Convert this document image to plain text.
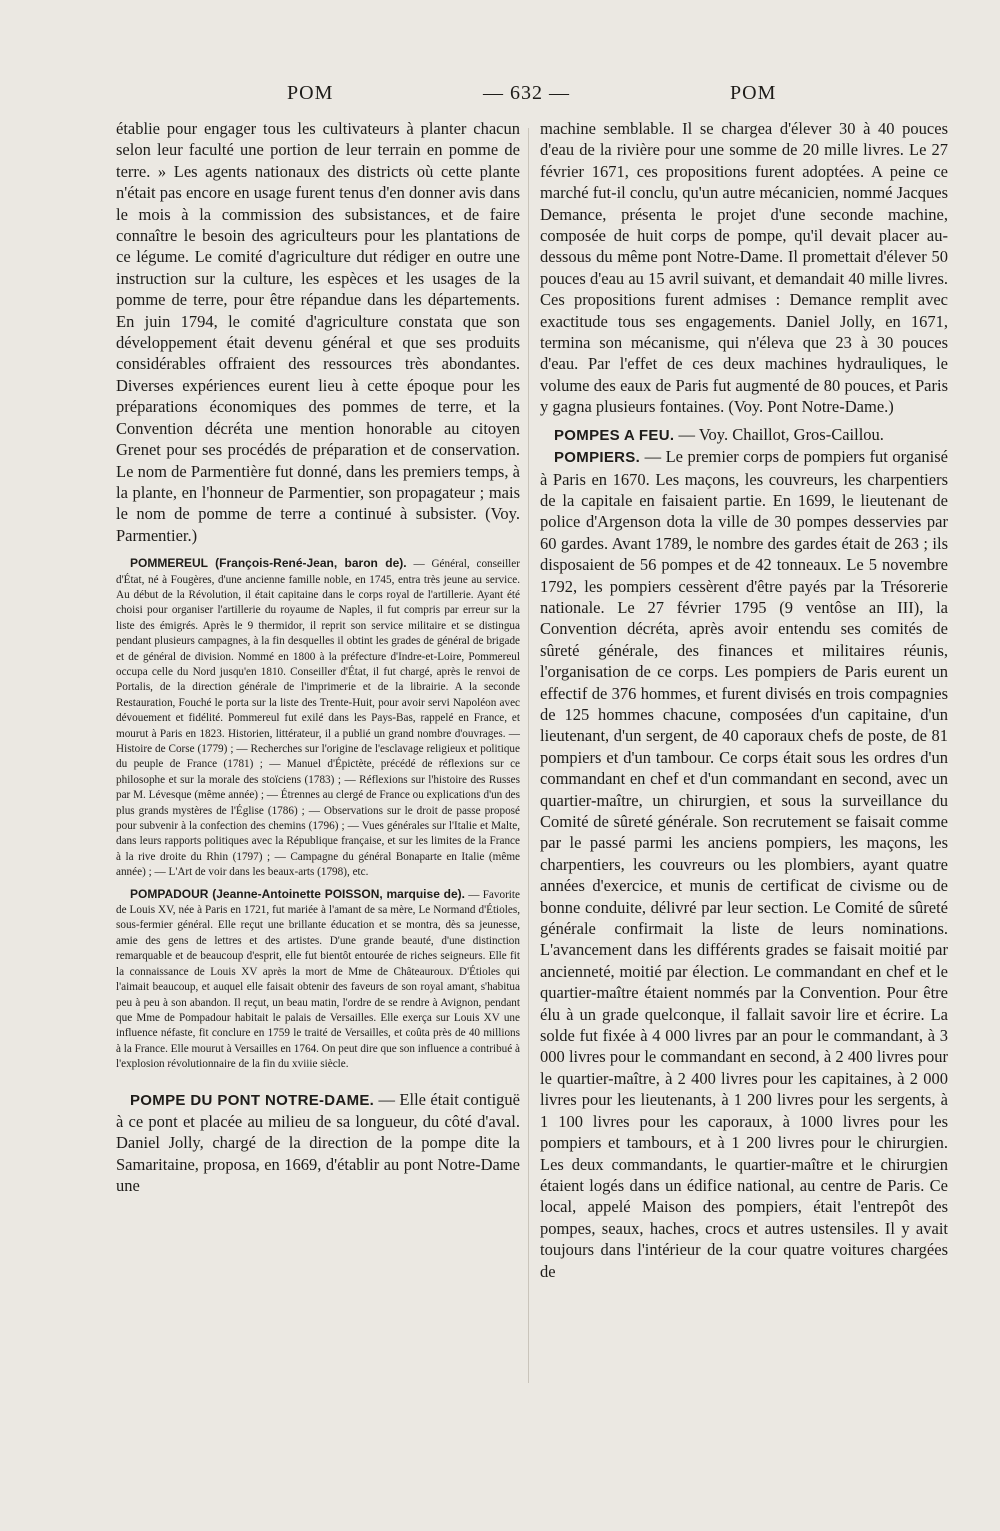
POM	— 632 —	POM

établie pour engager tous les cultivateurs à planter chacun selon leur faculté une portion de leur terrain en pomme de terre. » Les agents nationaux des districts où cette plante n'était pas encore en usage furent tenus d'en donner avis dans le mois à la commission des subsistances, et de faire connaître le besoin des agriculteurs pour les plantations de ce légume. Le comité d'agriculture dut rédiger en outre une instruction sur la culture, les espèces et les usages de la pomme de terre, pour être répandue dans les départements. En juin 1794, le comité d'agriculture constata que son développement était devenu général et que ses produits considérables offraient des ressources très abondantes. Diverses expériences eurent lieu à cette époque pour les préparations économiques des pommes de terre, et la Convention décréta une mention honorable au citoyen Grenet pour ses procédés de préparation et de conservation. Le nom de Parmentière fut donné, dans les premiers temps, à la plante, en l'honneur de Parmentier, son propagateur ; mais le nom de pomme de terre a continué à subsister. (Voy. Parmentier.)

POMMEREUL (François-René-Jean, baron de). — Général, conseiller d'État, né à Fougères, d'une ancienne famille noble, en 1745, entra très jeune au service. Au début de la Révolution, il était capitaine dans le corps royal de l'artillerie. Ayant été choisi pour organiser l'artillerie du royaume de Naples, il fut compris par erreur sur la liste des émigrés. Après le 9 thermidor, il reprit son service militaire et se distingua pendant plusieurs campagnes, à la fin desquelles il obtint les grades de général de brigade et de général de division. Nommé en 1800 à la préfecture d'Indre-et-Loire, Pommereul occupa celle du Nord jusqu'en 1810. Conseiller d'État, il fut chargé, après le renvoi de Portalis, de la direction générale de l'imprimerie et de la librairie. A la seconde Restauration, Fouché le porta sur la liste des Trente-Huit, pour avoir servi Napoléon avec dévouement et fidélité. Pommereul fut exilé dans les Pays-Bas, rappelé en France, et mourut à Paris en 1823. Historien, littérateur, il a publié un grand nombre d'ouvrages. — Histoire de Corse (1779) ; — Recherches sur l'origine de l'esclavage religieux et politique du peuple de France (1781) ; — Manuel d'Épictète, précédé de réflexions sur ce philosophe et sur la morale des stoïciens (1783) ; — Réflexions sur l'histoire des Russes par M. Lévesque (même année) ; — Étrennes au clergé de France ou explications d'un des plus grands mystères de l'Église (1786) ; — Observations sur le droit de passe proposé pour subvenir à la confection des chemins (1796) ; — Vues générales sur l'Italie et Malte, dans leurs rapports politiques avec la République française, et sur les limites de la France à la rive droite du Rhin (1797) ; — Campagne du général Bonaparte en Italie (même année) ; — L'Art de voir dans les beaux-arts (1798), etc.

POMPADOUR (Jeanne-Antoinette POISSON, marquise de). — Favorite de Louis XV, née à Paris en 1721, fut mariée à l'amant de sa mère, Le Normand d'Étioles, sous-fermier général. Elle reçut une brillante éducation et se montra, dès sa jeunesse, amie des gens de lettres et des artistes. D'une grande beauté, d'une distinction remarquable et de beaucoup d'esprit, elle fut bientôt entourée de riches seigneurs. Elle fit la connaissance de Louis XV après la mort de Mme de Châteauroux. D'Étioles qui l'aimait beaucoup, et auquel elle faisait obtenir des faveurs de son royal amant, s'habitua peu à peu à son abandon. Il reçut, un beau matin, l'ordre de se rendre à Avignon, pendant que Mme de Pompadour habitait le palais de Versailles. Elle exerça sur Louis XV une influence néfaste, fit conclure en 1759 le traité de Versailles, et coûta près de 40 millions à la France. Elle mourut à Versailles en 1764. On peut dire que son influence a contribué à l'explosion révolutionnaire de la fin du xviiie siècle.

POMPE DU PONT NOTRE-DAME. — Elle était contiguë à ce pont et placée au milieu de sa longueur, du côté d'aval. Daniel Jolly, chargé de la direction de la pompe dite la Samaritaine, proposa, en 1669, d'établir au pont Notre-Dame une

machine semblable. Il se chargea d'élever 30 à 40 pouces d'eau de la rivière pour une somme de 20 mille livres. Le 27 février 1671, ces propositions furent adoptées. A peine ce marché fut-il conclu, qu'un autre mécanicien, nommé Jacques Demance, présenta le projet d'une seconde machine, composée de huit corps de pompe, qu'il devait placer au-dessous du même pont Notre-Dame. Il promettait d'élever 50 pouces d'eau au 15 avril suivant, et demandait 40 mille livres. Ces propositions furent admises : Demance remplit avec exactitude tous ses engagements. Daniel Jolly, en 1671, termina son mécanisme, qui n'éleva que 23 à 30 pouces d'eau. Par l'effet de ces deux machines hydrauliques, le volume des eaux de Paris fut augmenté de 80 pouces, et Paris y gagna plusieurs fontaines. (Voy. Pont Notre-Dame.)

POMPES A FEU. — Voy. Chaillot, Gros-Caillou.

POMPIERS. — Le premier corps de pompiers fut organisé à Paris en 1670. Les maçons, les couvreurs, les charpentiers de la capitale en faisaient partie. En 1699, le lieutenant de police d'Argenson dota la ville de 30 pompes desservies par 60 gardes. Avant 1789, le nombre des gardes était de 263 ; ils disposaient de 56 pompes et de 42 tonneaux. Le 5 novembre 1792, les pompiers cessèrent d'être payés par la Trésorerie nationale. Le 27 février 1795 (9 ventôse an III), la Convention décréta, après avoir entendu ses comités de sûreté générale, des finances et militaires réunis, l'organisation de ce corps. Les pompiers de Paris eurent un effectif de 376 hommes, et furent divisés en trois compagnies de 125 hommes chacune, composées d'un capitaine, d'un lieutenant, d'un sergent, de 40 caporaux chefs de poste, de 81 pompiers et d'un tambour. Ce corps était sous les ordres d'un commandant en chef et d'un commandant en second, avec un quartier-maître, un chirurgien, et sous la surveillance du Comité de sûreté générale. Son recrutement se faisait comme par le passé parmi les anciens pompiers, les maçons, les charpentiers, les couvreurs ou les plombiers, ayant quatre années d'exercice, et munis de certificat de civisme ou de bonne conduite, délivré par leur section. Le Comité de sûreté générale confirmait la liste de leurs nominations. L'avancement dans les différents grades se faisait moitié par ancienneté, moitié par élection. Le commandant en chef et le quartier-maître étaient nommés par la Convention. Pour être élu à un grade quelconque, il fallait savoir lire et écrire. La solde fut fixée à 4 000 livres par an pour le commandant, à 3 000 livres pour le commandant en second, à 2 400 livres pour le quartier-maître, à 2 400 livres pour les capitaines, à 2 000 livres pour les lieutenants, à 1 200 livres pour les sergents, à 1 100 livres pour les caporaux, à 1000 livres pour les pompiers et tambours, et à 1 200 livres pour le chirurgien. Les deux commandants, le quartier-maître et le chirurgien étaient logés dans un édifice national, au centre de Paris. Ce local, appelé Maison des pompiers, était l'entrepôt des pompes, seaux, haches, crocs et autres ustensiles. Il y avait toujours dans l'intérieur de la cour quatre voitures chargées de
